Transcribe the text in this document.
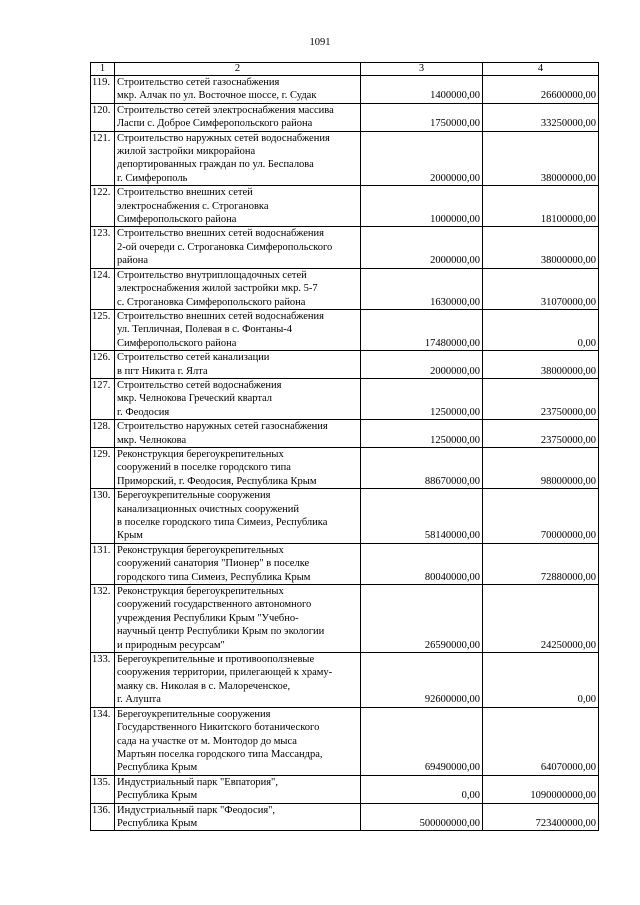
1091
1	2	3	4
119.	Строительство сетей газоснабжения
мкр. Алчак по ул. Восточное шоссе, г. Судак	1400000,00	26600000,00
120.	Строительство сетей электроснабжения массива
Ласпи с. Доброе Симферопольского района	1750000,00	33250000,00
121.	Строительство наружных сетей водоснабжения
жилой застройки микрорайона
депортированных граждан по ул. Беспалова
г. Симферополь	2000000,00	38000000,00
122.	Строительство внешних сетей
электроснабжения с. Строгановка
Симферопольского района	1000000,00	18100000,00
123.	Строительство внешних сетей водоснабжения
2-ой очереди с. Строгановка Симферопольского
района	2000000,00	38000000,00
124.	Строительство внутриплощадочных сетей
электроснабжения жилой застройки мкр. 5-7
с. Строгановка Симферопольского района	1630000,00	31070000,00
125.	Строительство внешних сетей водоснабжения
ул. Тепличная, Полевая в с. Фонтаны-4
Симферопольского района	17480000,00	0,00
126.	Строительство сетей канализации
в пгт Никита г. Ялта	2000000,00	38000000,00
127.	Строительство сетей водоснабжения
мкр. Челнокова Греческий квартал
г. Феодосия	1250000,00	23750000,00
128.	Строительство наружных сетей газоснабжения
мкр. Челнокова	1250000,00	23750000,00
129.	Реконструкция берегоукрепительных
сооружений в поселке городского типа
Приморский, г. Феодосия, Республика Крым	88670000,00	98000000,00
130.	Берегоукрепительные сооружения
канализационных очистных сооружений
в поселке городского типа Симеиз, Республика
Крым	58140000,00	70000000,00
131.	Реконструкция берегоукрепительных
сооружений санатория "Пионер" в поселке
городского типа Симеиз, Республика Крым	80040000,00	72880000,00
132.	Реконструкция берегоукрепительных
сооружений государственного автономного
учреждения Республики Крым "Учебно-
научный центр Республики Крым по экологии
и природным ресурсам"	26590000,00	24250000,00
133.	Берегоукрепительные и противооползневые
сооружения территории, прилегающей к храму-
маяку св. Николая в с. Малореченское,
г. Алушта	92600000,00	0,00
134.	Берегоукрепительные сооружения
Государственного Никитского ботанического
сада на участке от м. Монтодор до мыса
Мартьян поселка городского типа Массандра,
Республика Крым	69490000,00	64070000,00
135.	Индустриальный парк "Евпатория",
Республика Крым	0,00	1090000000,00
136.	Индустриальный парк "Феодосия",
Республика Крым	500000000,00	723400000,00
